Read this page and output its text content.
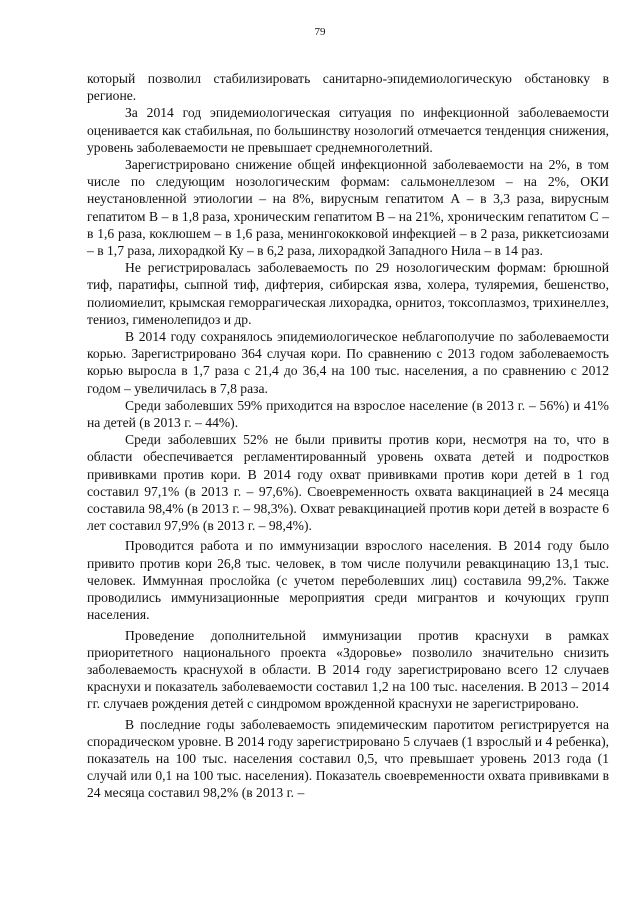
79

который позволил стабилизировать санитарно-эпидемиологическую обстановку в регионе.

За 2014 год эпидемиологическая ситуация по инфекционной заболеваемости оценивается как стабильная, по большинству нозологий отмечается тенденция снижения, уровень заболеваемости не превышает среднемноголетний.

Зарегистрировано снижение общей инфекционной заболеваемости на 2%, в том числе по следующим нозологическим формам: сальмонеллезом – на 2%, ОКИ неустановленной этиологии – на 8%, вирусным гепатитом А – в 3,3 раза, вирусным гепатитом В – в 1,8 раза, хроническим гепатитом В – на 21%, хроническим гепатитом С – в 1,6 раза, коклюшем – в 1,6 раза, менингококковой инфекцией – в 2 раза, риккетсиозами – в 1,7 раза, лихорадкой Ку – в 6,2 раза, лихорадкой Западного Нила – в 14 раз.

Не регистрировалась заболеваемость по 29 нозологическим формам: брюшной тиф, паратифы, сыпной тиф, дифтерия, сибирская язва, холера, туляремия, бешенство, полиомиелит, крымская геморрагическая лихорадка, орнитоз, токсоплазмоз, трихинеллез, тениоз, гименолепидоз и др.

В 2014 году сохранялось эпидемиологическое неблагополучие по заболеваемости корью. Зарегистрировано 364 случая кори. По сравнению с 2013 годом заболеваемость корью выросла в 1,7 раза с 21,4 до 36,4 на 100 тыс. населения, а по сравнению с 2012 годом – увеличилась в 7,8 раза.

Среди заболевших 59% приходится на взрослое население (в 2013 г. – 56%) и 41% на детей (в 2013 г. – 44%).

Среди заболевших 52% не были привиты против кори, несмотря на то, что в области обеспечивается регламентированный уровень охвата детей и подростков прививками против кори. В 2014 году охват прививками против кори детей в 1 год составил 97,1% (в 2013 г. – 97,6%). Своевременность охвата вакцинацией в 24 месяца составила 98,4% (в 2013 г. – 98,3%). Охват ревакцинацией против кори детей в возрасте 6 лет составил 97,9% (в 2013 г. – 98,4%).

Проводится работа и по иммунизации взрослого населения. В 2014 году было привито против кори 26,8 тыс. человек, в том числе получили ревакцинацию 13,1 тыс. человек. Иммунная прослойка (с учетом переболевших лиц) составила 99,2%. Также проводились иммунизационные мероприятия среди мигрантов и кочующих групп населения.

Проведение дополнительной иммунизации против краснухи в рамках приоритетного национального проекта «Здоровье» позволило значительно снизить заболеваемость краснухой в области. В 2014 году зарегистрировано всего 12 случаев краснухи и показатель заболеваемости составил 1,2 на 100 тыс. населения. В 2013 – 2014 гг. случаев рождения детей с синдромом врожденной краснухи не зарегистрировано.

В последние годы заболеваемость эпидемическим паротитом регистрируется на спорадическом уровне. В 2014 году зарегистрировано 5 случаев (1 взрослый и 4 ребенка), показатель на 100 тыс. населения составил 0,5, что превышает уровень 2013 года (1 случай или 0,1 на 100 тыс. населения). Показатель своевременности охвата прививками в 24 месяца составил 98,2% (в 2013 г. –
